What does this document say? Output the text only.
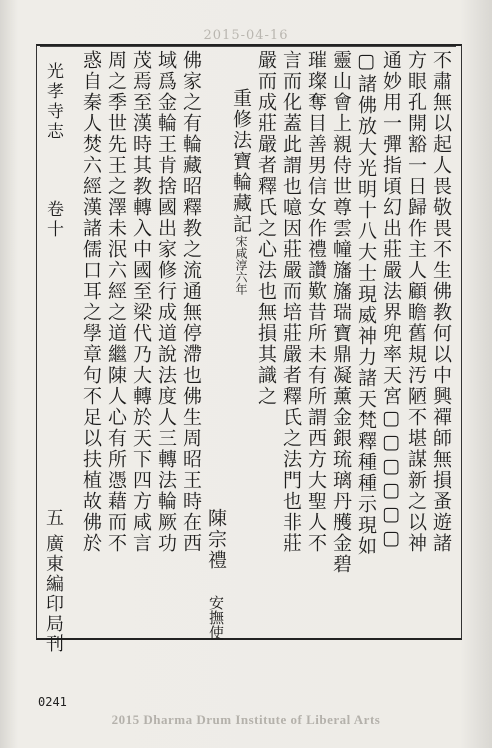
2015-04-16
不肅無以起人畏敬畏不生佛教何以中興禪師無損蚤遊諸
方眼孔開豁一日歸作主人顧瞻舊規汚陋不堪謀新之以神
通妙用一彈指頃幻出莊嚴法界兜率天宮▢▢▢▢▢▢
▢諸佛放大光明十八大士現威神力諸天梵釋種種示現如
靈山會上親侍世尊雲幢旛旛瑞寶鼎凝薰金銀琉璃丹雘金碧
璀璨奪目善男信女作禮讚歎昔所未有所謂西方大聖人不
言而化蓋此謂也噫因莊嚴而培莊嚴者釋氏之法門也非莊
嚴而成莊嚴者釋氏之心法也無損其識之
重修法寶輪藏記宋咸淳六年
陳宗禮 安撫使
佛家之有輪藏昭釋教之流通無停滯也佛生周昭王時在西
域爲金輪王肯捨國出家修行成道說法度人三轉法輪厥功
茂焉至漢時其教轉入中國至梁代乃大轉於天下四方咸言
周之季世先王之澤未泯六經之道繼陳人心有所憑藉而不
惑自秦人焚六經漢諸儒口耳之學章句不足以扶植故佛於
光孝寺志
卷十
五
廣東編印局刊
0241
2015 Dharma Drum Institute of Liberal Arts
